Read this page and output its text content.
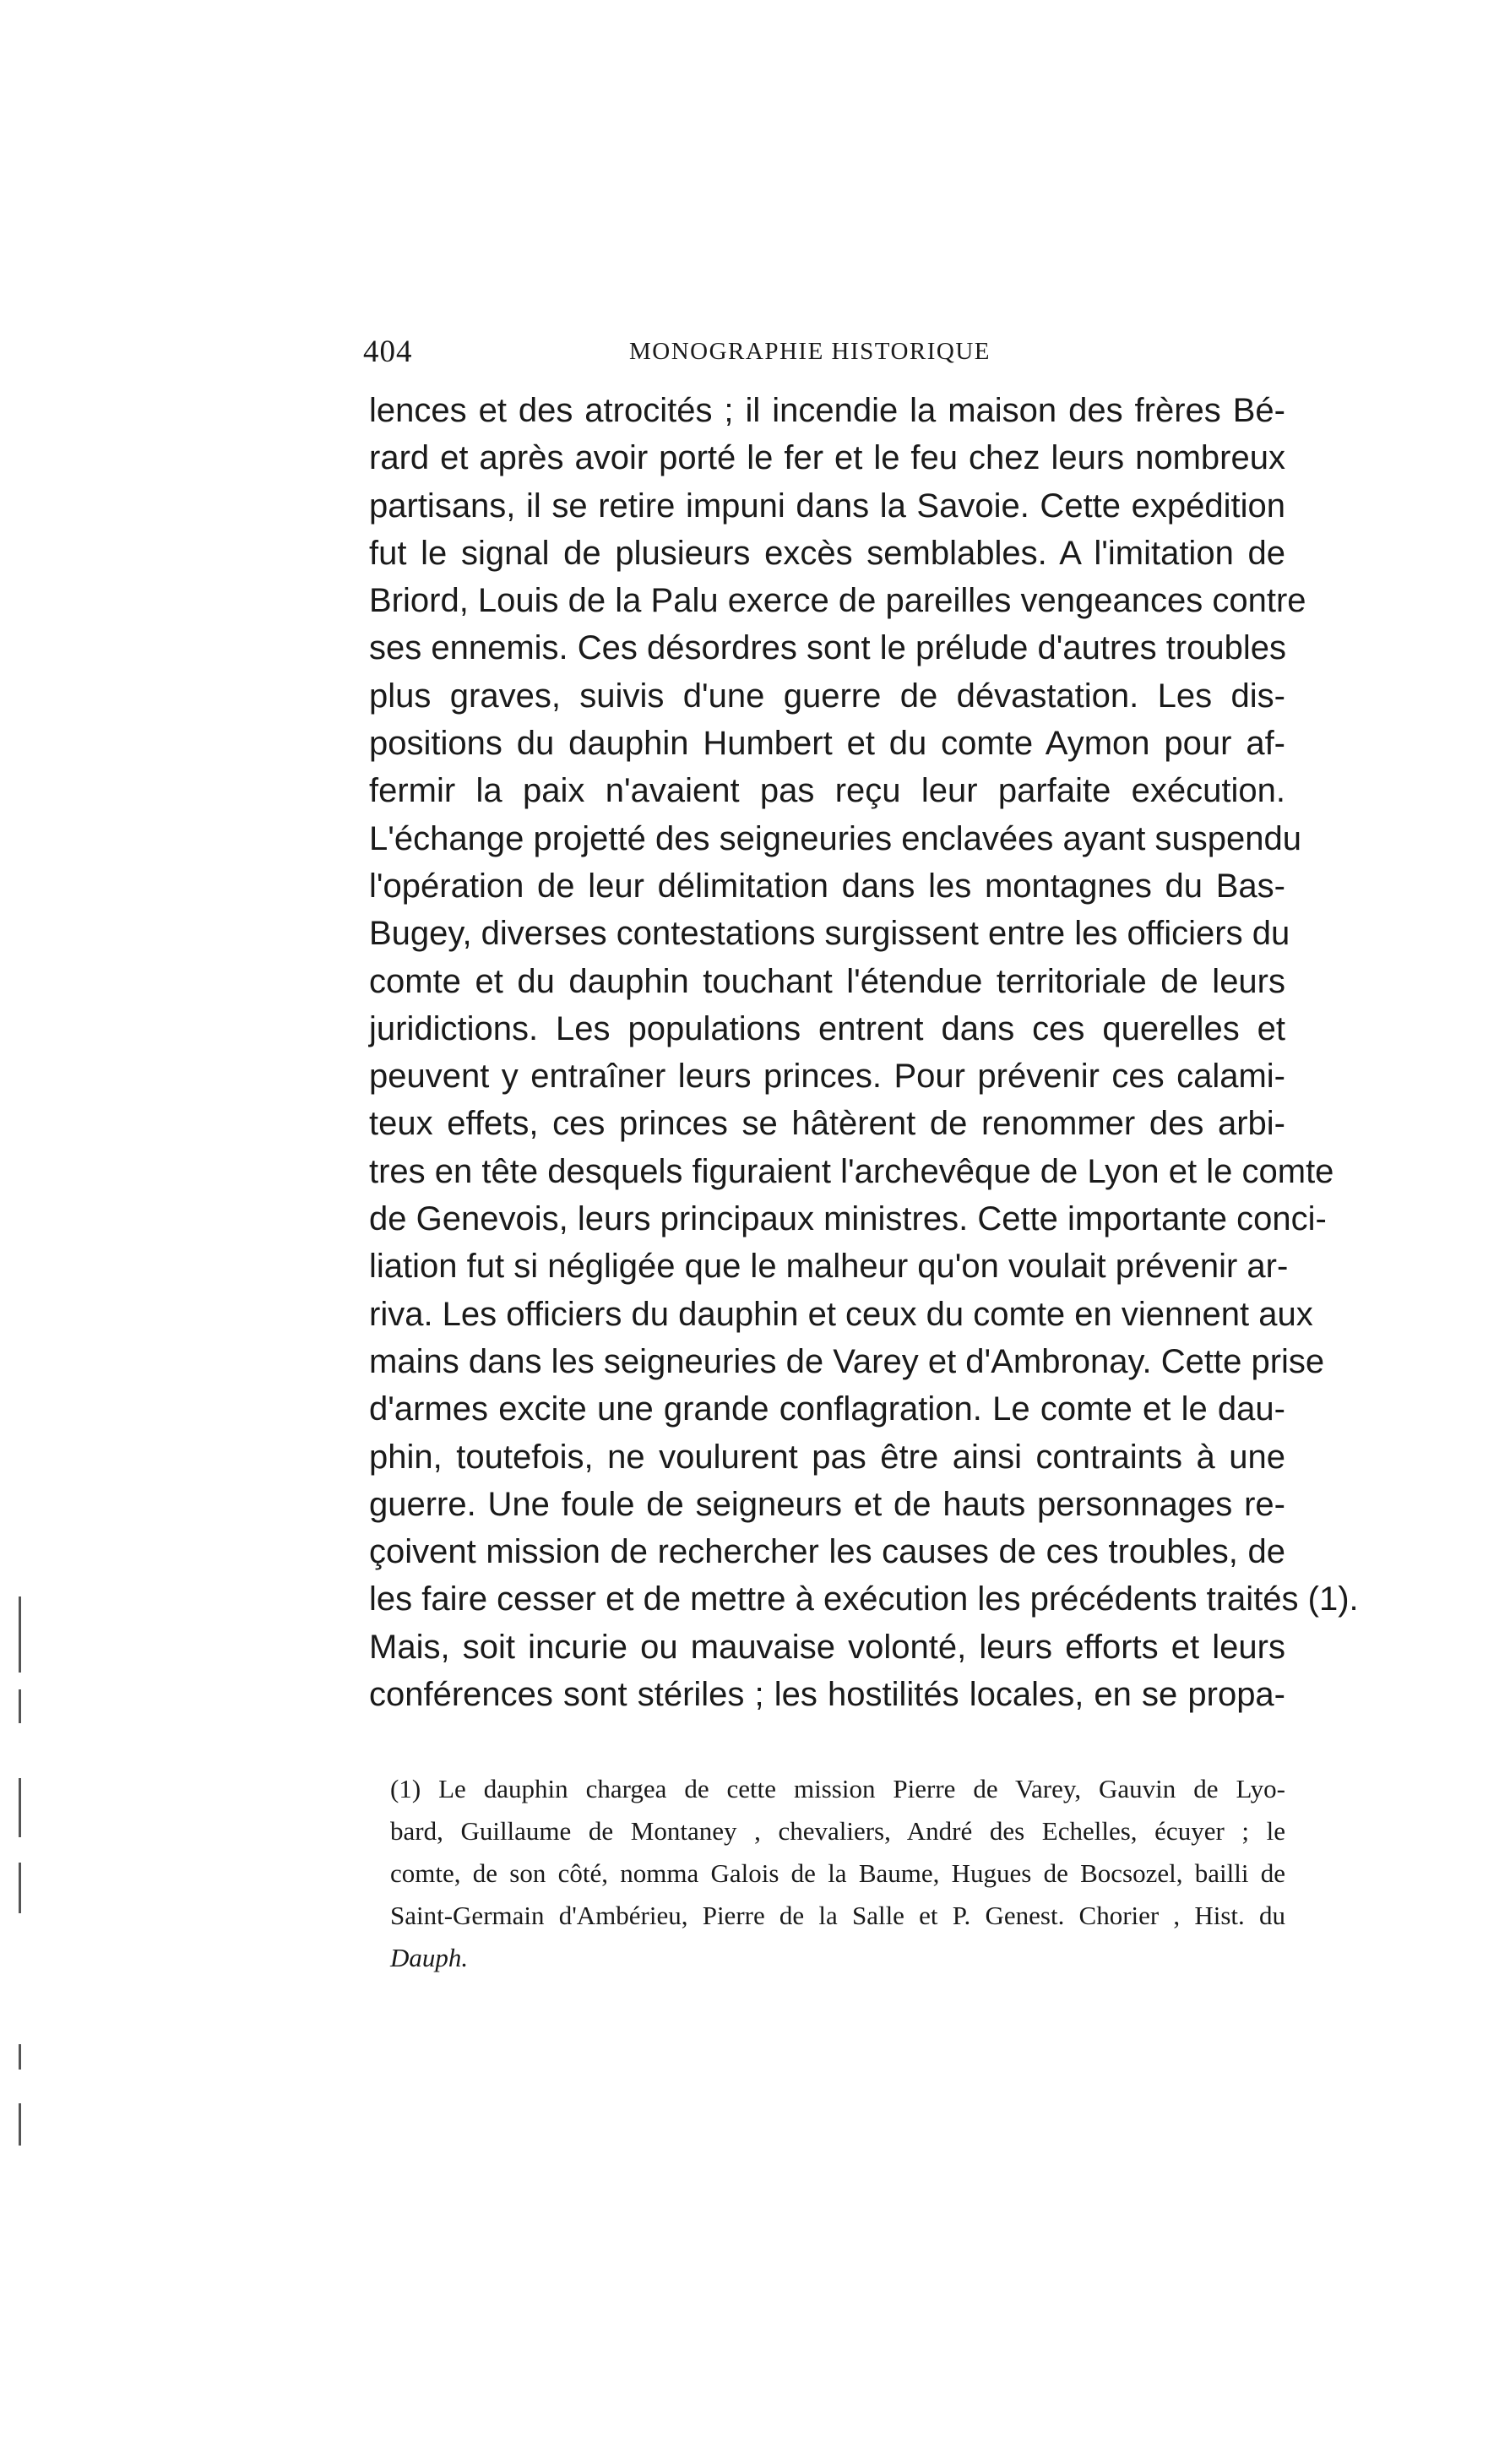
404	MONOGRAPHIE HISTORIQUE
lences et des atrocités ; il incendie la maison des frères Bé-
rard et après avoir porté le fer et le feu chez leurs nombreux
partisans, il se retire impuni dans la Savoie. Cette expédition
fut le signal de plusieurs excès semblables. A l'imitation de
Briord, Louis de la Palu exerce de pareilles vengeances contre
ses ennemis. Ces désordres sont le prélude d'autres troubles
plus graves, suivis d'une guerre de dévastation. Les dis-
positions du dauphin Humbert et du comte Aymon pour af-
fermir la paix n'avaient pas reçu leur parfaite exécution.
L'échange projetté des seigneuries enclavées ayant suspendu
l'opération de leur délimitation dans les montagnes du Bas-
Bugey, diverses contestations surgissent entre les officiers du
comte et du dauphin touchant l'étendue territoriale de leurs
juridictions. Les populations entrent dans ces querelles et
peuvent y entraîner leurs princes. Pour prévenir ces calami-
teux effets, ces princes se hâtèrent de renommer des arbi-
tres en tête desquels figuraient l'archevêque de Lyon et le comte
de Genevois, leurs principaux ministres. Cette importante conci-
liation fut si négligée que le malheur qu'on voulait prévenir ar-
riva. Les officiers du dauphin et ceux du comte en viennent aux
mains dans les seigneuries de Varey et d'Ambronay. Cette prise
d'armes excite une grande conflagration. Le comte et le dau-
phin, toutefois, ne voulurent pas être ainsi contraints à une
guerre. Une foule de seigneurs et de hauts personnages re-
çoivent mission de rechercher les causes de ces troubles, de
les faire cesser et de mettre à exécution les précédents traités (1).
Mais, soit incurie ou mauvaise volonté, leurs efforts et leurs
conférences sont stériles ; les hostilités locales, en se propa-
(1) Le dauphin chargea de cette mission Pierre de Varey, Gauvin de Lyo-
bard, Guillaume de Montaney , chevaliers, André des Echelles, écuyer ; le
comte, de son côté, nomma Galois de la Baume, Hugues de Bocsozel, bailli de
Saint-Germain d'Ambérieu, Pierre de la Salle et P. Genest. Chorier , Hist. du
Dauph.
